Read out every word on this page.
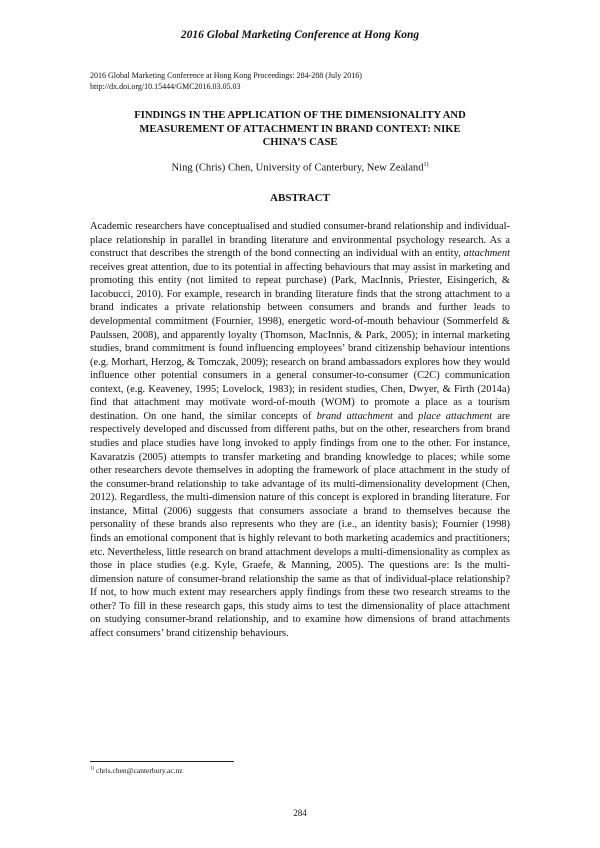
2016 Global Marketing Conference at Hong Kong
2016 Global Marketing Conference at Hong Kong Proceedings: 284-288 (July 2016)
http://dx.doi.org/10.15444/GMC2016.03.05.03
FINDINGS IN THE APPLICATION OF THE DIMENSIONALITY AND
MEASUREMENT OF ATTACHMENT IN BRAND CONTEXT: NIKE
CHINA’S CASE
Ning (Chris) Chen, University of Canterbury, New Zealand$^{1)}$
ABSTRACT

Academic researchers have conceptualised and studied consumer-brand relationship and individual-place relationship in parallel in branding literature and environmental psychology research. As a construct that describes the strength of the bond connecting an individual with an entity, attachment receives great attention, due to its potential in affecting behaviours that may assist in marketing and promoting this entity (not limited to repeat purchase) (Park, MacInnis, Priester, Eisingerich, & Iacobucci, 2010). For example, research in branding literature finds that the strong attachment to a brand indicates a private relationship between consumers and brands and further leads to developmental commitment (Fournier, 1998), energetic word-of-mouth behaviour (Sommerfeld & Paulssen, 2008), and apparently loyalty (Thomson, MacInnis, & Park, 2005); in internal marketing studies, brand commitment is found influencing employees’ brand citizenship behaviour intentions (e.g. Morhart, Herzog, & Tomczak, 2009); research on brand ambassadors explores how they would influence other potential consumers in a general consumer-to-consumer (C2C) communication context, (e.g. Keaveney, 1995; Lovelock, 1983); in resident studies, Chen, Dwyer, & Firth (2014a) find that attachment may motivate word-of-mouth (WOM) to promote a place as a tourism destination. On one hand, the similar concepts of brand attachment and place attachment are respectively developed and discussed from different paths, but on the other, researchers from brand studies and place studies have long invoked to apply findings from one to the other. For instance, Kavaratzis (2005) attempts to transfer marketing and branding knowledge to places; while some other researchers devote themselves in adopting the framework of place attachment in the study of the consumer-brand relationship to take advantage of its multi-dimensionality development (Chen, 2012). Regardless, the multi-dimension nature of this concept is explored in branding literature. For instance, Mittal (2006) suggests that consumers associate a brand to themselves because the personality of these brands also represents who they are (i.e., an identity basis); Fournier (1998) finds an emotional component that is highly relevant to both marketing academics and practitioners; etc. Nevertheless, little research on brand attachment develops a multi-dimensionality as complex as those in place studies (e.g. Kyle, Graefe, & Manning, 2005). The questions are: Is the multi-dimension nature of consumer-brand relationship the same as that of individual-place relationship? If not, to how much extent may researchers apply findings from these two research streams to the other? To fill in these research gaps, this study aims to test the dimensionality of place attachment on studying consumer-brand relationship, and to examine how dimensions of brand attachments affect consumers’ brand citizenship behaviours.

$^{1)}$ chris.chen@canterbury.ac.nz
284
